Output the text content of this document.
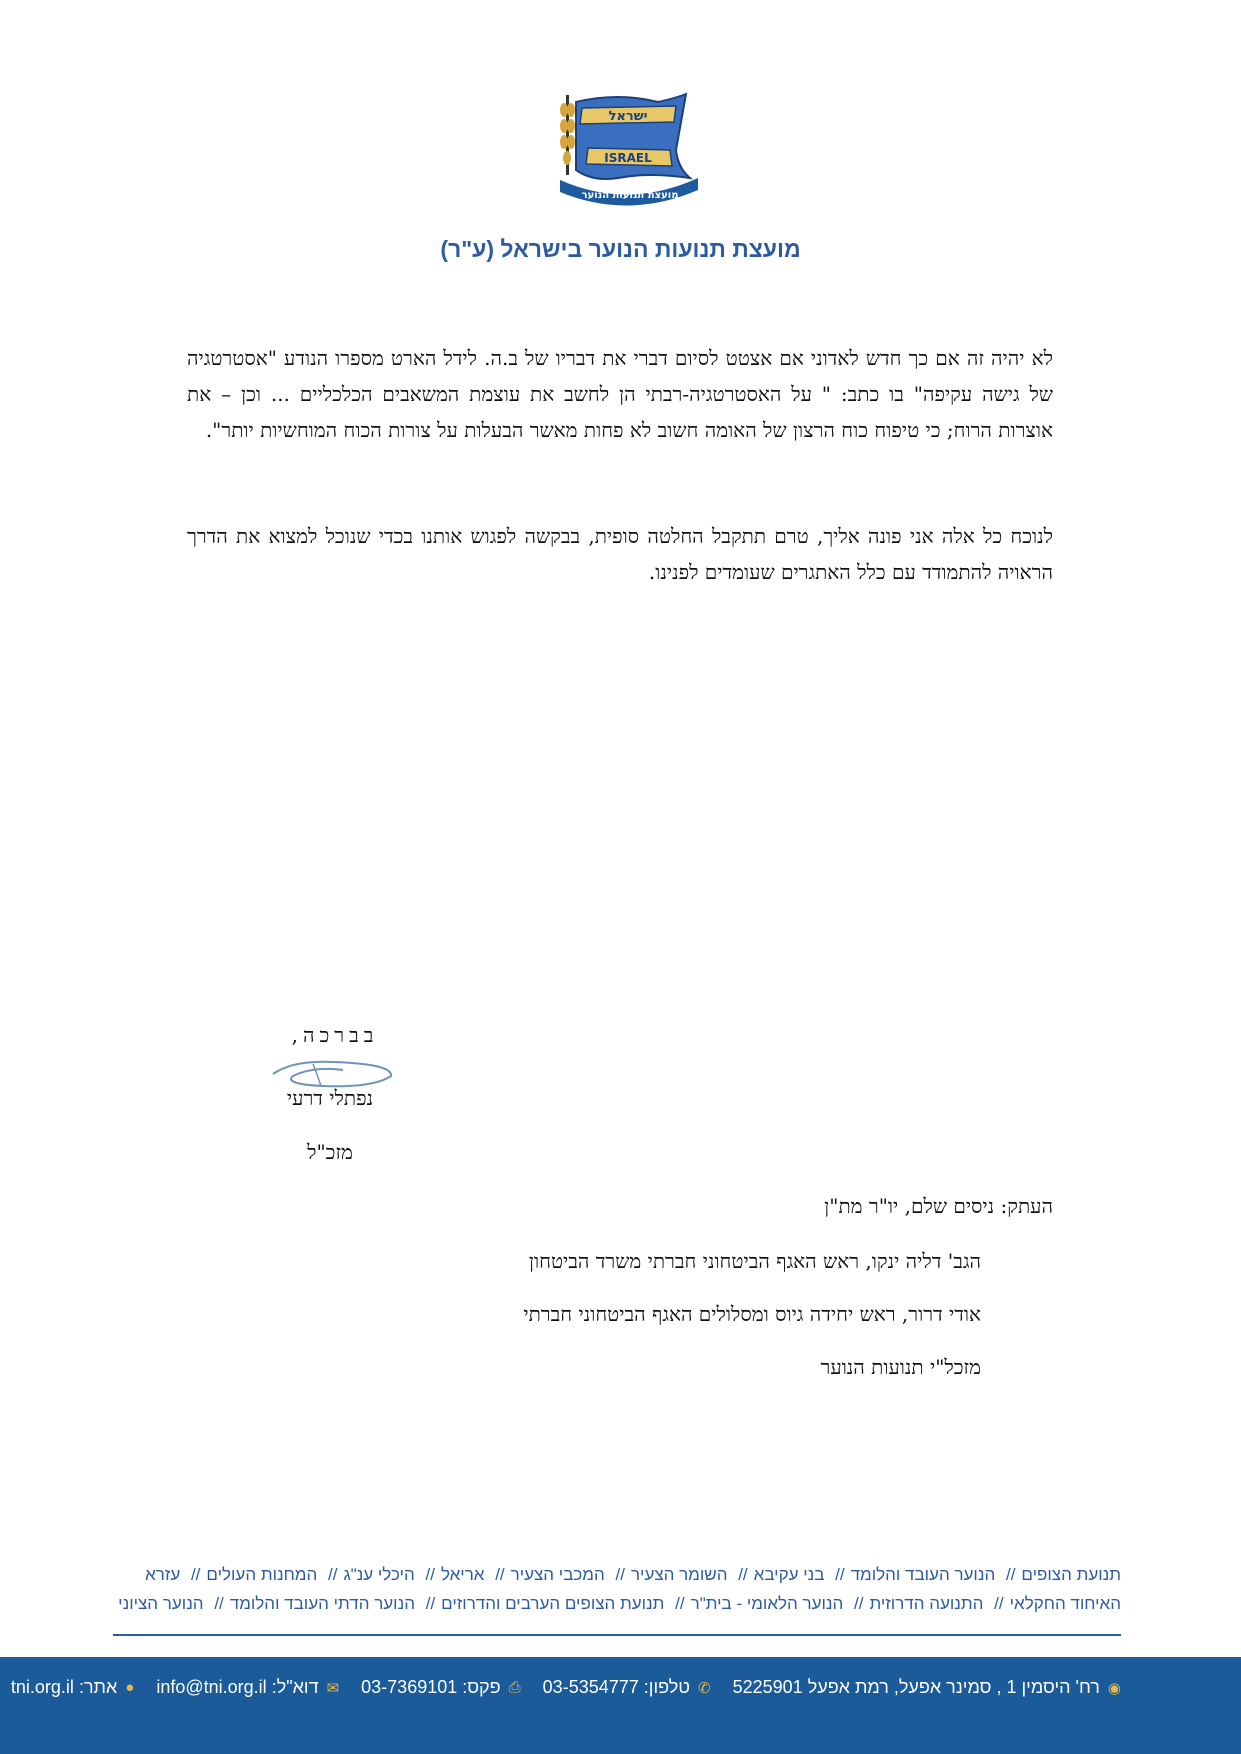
ישראל
ISRAEL
מועצת תנועות הנוער
מועצת תנועות הנוער בישראל (ע"ר)

לא יהיה זה אם כך חדש לאדוני אם אצטט לסיום דברי את דבריו של ב.ה. לידל הארט מספרו הנודע "אסטרטגיה של גישה עקיפה" בו כתב: " על האסטרטגיה-רבתי הן לחשב את עוצמת המשאבים הכלכליים ... וכן – את אוצרות הרוח; כי טיפוח כוח הרצון של האומה חשוב לא פחות מאשר הבעלות על צורות הכוח המוחשיות יותר".

לנוכח כל אלה אני פונה אליך, טרם תתקבל החלטה סופית, בבקשה לפגוש אותנו בכדי שנוכל למצוא את הדרך הראויה להתמודד עם כלל האתגרים שעומדים לפנינו.

בברכה,
נפתלי דרעי
מזכ"ל
העתק: ניסים שלם, יו"ר מת"ן
הגב' דליה ינקו, ראש האגף הביטחוני חברתי משרד הביטחון
אודי דרור, ראש יחידה גיוס ומסלולים האגף הביטחוני חברתי
מזכל"י תנועות הנוער
תנועת הצופים// הנוער העובד והלומד// בני עקיבא// השומר הצעיר// המכבי הצעיר// אריאל// היכלי ענ"ג// המחנות העולים// עזרא
האיחוד החקלאי// התנועה הדרוזית// הנוער הלאומי - בית"ר// תנועת הצופים הערבים והדרוזים// הנוער הדתי העובד והלומד// הנוער הציוני
◉
רח' היסמין 1 , סמינר אפעל, רמת אפעל 5225901
✆
טלפון: 03-5354777
⎙
פקס: 03-7369101
✉
דוא"ל: info@tni.org.il
●
אתר: tni.org.il
